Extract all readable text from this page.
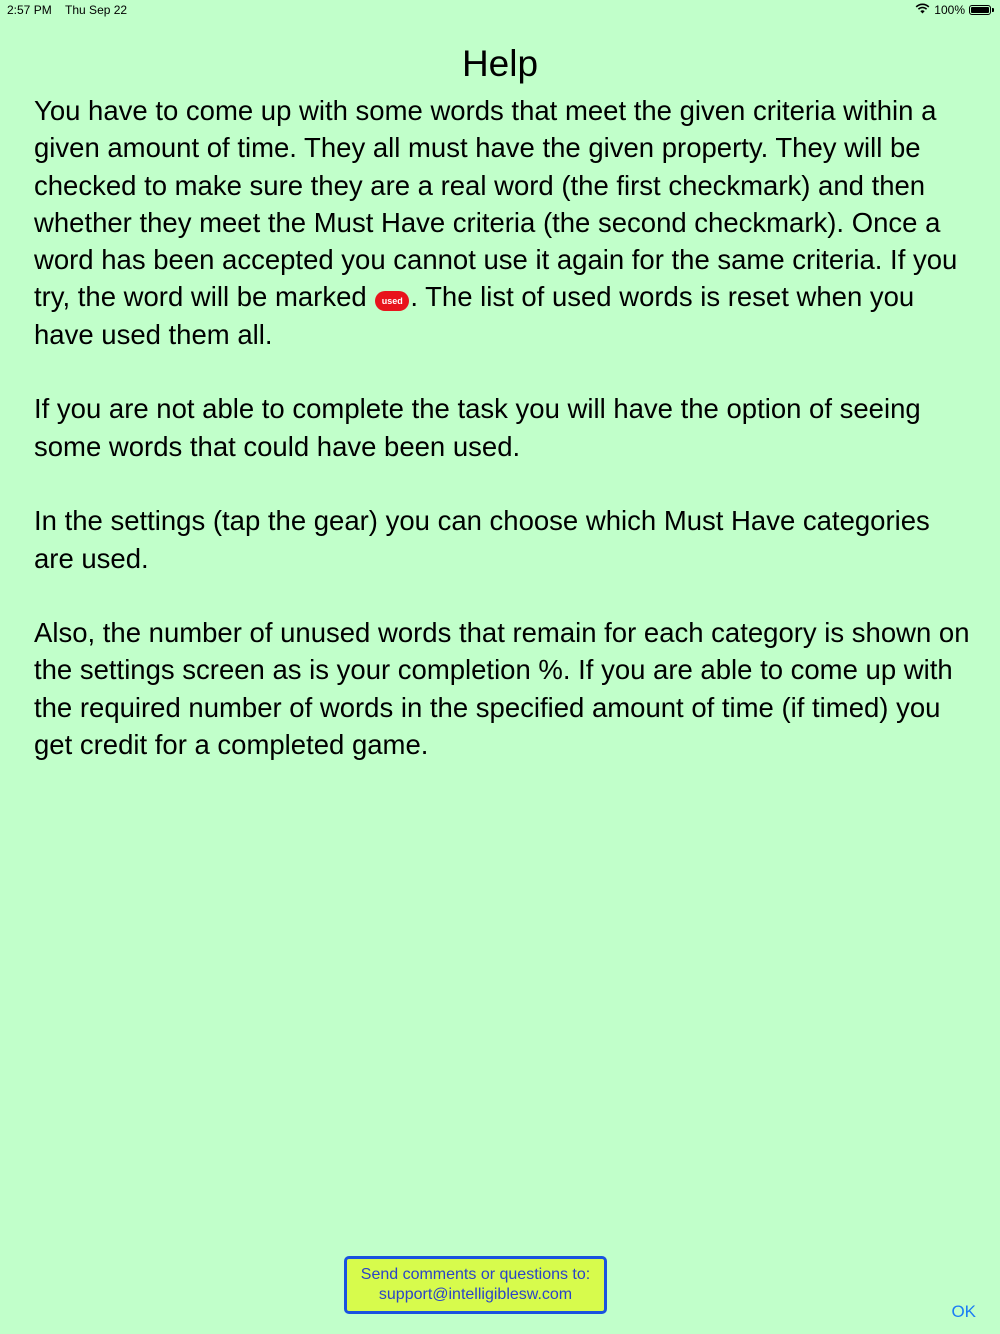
2:57 PM Thu Sep 22	100%
Help

You have to come up with some words that meet the given criteria within a given amount of time. They all must have the given property. They will be checked to make sure they are a real word (the first checkmark) and then whether they meet the Must Have criteria (the second checkmark). Once a word has been accepted you cannot use it again for the same criteria. If you try, the word will be marked used . The list of used words is reset when you have used them all.

If you are not able to complete the task you will have the option of seeing some words that could have been used.

In the settings (tap the gear) you can choose which Must Have categories are used.

Also, the number of unused words that remain for each category is shown on the settings screen as is your completion %. If you are able to come up with the required number of words in the specified amount of time (if timed) you get credit for a completed game.

Send comments or questions to:
support@intelligiblesw.com
OK
